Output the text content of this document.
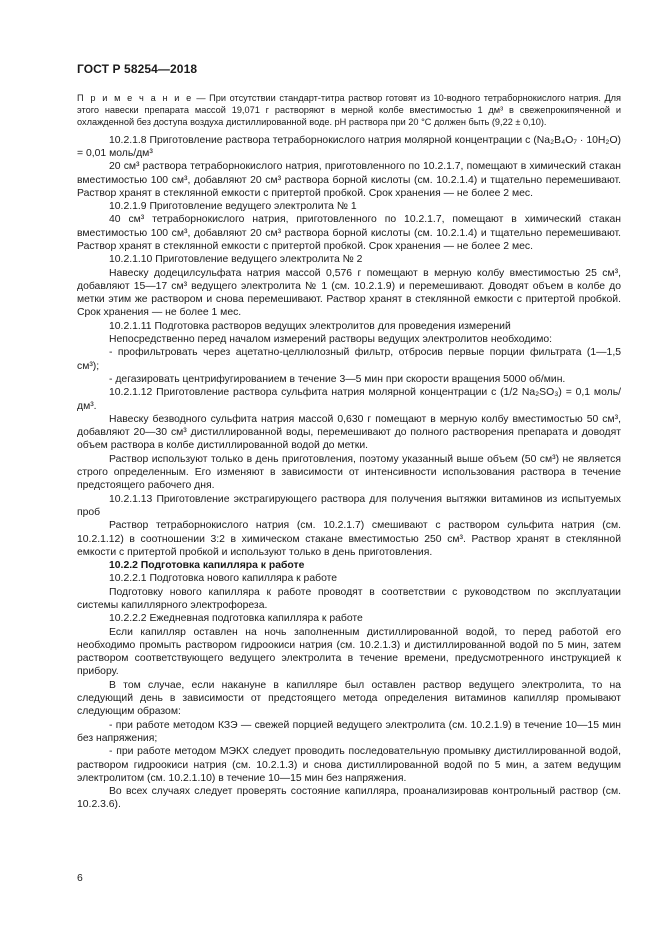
ГОСТ Р 58254—2018
П р и м е ч а н и е — При отсутствии стандарт-титра раствор готовят из 10-водного тетраборнокислого натрия. Для этого навески препарата массой 19,071 г растворяют в мерной колбе вместимостью 1 дм³ в свежепрокипяченной и охлажденной без доступа воздуха дистиллированной воде. pH раствора при 20 °C должен быть (9,22 ± 0,10).

10.2.1.8 Приготовление раствора тетраборнокислого натрия молярной концентрации c (Na₂B₄O₇ · 10H₂O) = 0,01 моль/дм³

20 см³ раствора тетраборнокислого натрия, приготовленного по 10.2.1.7, помещают в химический стакан вместимостью 100 см³, добавляют 20 см³ раствора борной кислоты (см. 10.2.1.4) и тщательно перемешивают. Раствор хранят в стеклянной емкости с притертой пробкой. Срок хранения — не более 2 мес.

10.2.1.9 Приготовление ведущего электролита № 1

40 см³ тетраборнокислого натрия, приготовленного по 10.2.1.7, помещают в химический стакан вместимостью 100 см³, добавляют 20 см³ раствора борной кислоты (см. 10.2.1.4) и тщательно перемешивают. Раствор хранят в стеклянной емкости с притертой пробкой. Срок хранения — не более 2 мес.

10.2.1.10 Приготовление ведущего электролита № 2

Навеску додецилсульфата натрия массой 0,576 г помещают в мерную колбу вместимостью 25 см³, добавляют 15—17 см³ ведущего электролита № 1 (см. 10.2.1.9) и перемешивают. Доводят объем в колбе до метки этим же раствором и снова перемешивают. Раствор хранят в стеклянной емкости с притертой пробкой. Срок хранения — не более 1 мес.

10.2.1.11 Подготовка растворов ведущих электролитов для проведения измерений

Непосредственно перед началом измерений растворы ведущих электролитов необходимо:

- профильтровать через ацетатно-целлюлозный фильтр, отбросив первые порции фильтрата (1—1,5 см³);

- дегазировать центрифугированием в течение 3—5 мин при скорости вращения 5000 об/мин.

10.2.1.12 Приготовление раствора сульфита натрия молярной концентрации c (1/2 Na₂SO₃) = 0,1 моль/дм³.

Навеску безводного сульфита натрия массой 0,630 г помещают в мерную колбу вместимостью 50 см³, добавляют 20—30 см³ дистиллированной воды, перемешивают до полного растворения препарата и доводят объем раствора в колбе дистиллированной водой до метки.

Раствор используют только в день приготовления, поэтому указанный выше объем (50 см³) не является строго определенным. Его изменяют в зависимости от интенсивности использования раствора в течение предстоящего рабочего дня.

10.2.1.13 Приготовление экстрагирующего раствора для получения вытяжки витаминов из испытуемых проб

Раствор тетраборнокислого натрия (см. 10.2.1.7) смешивают с раствором сульфита натрия (см. 10.2.1.12) в соотношении 3:2 в химическом стакане вместимостью 250 см³. Раствор хранят в стеклянной емкости с притертой пробкой и используют только в день приготовления.

10.2.2 Подготовка капилляра к работе

10.2.2.1 Подготовка нового капилляра к работе

Подготовку нового капилляра к работе проводят в соответствии с руководством по эксплуатации системы капиллярного электрофореза.

10.2.2.2 Ежедневная подготовка капилляра к работе

Если капилляр оставлен на ночь заполненным дистиллированной водой, то перед работой его необходимо промыть раствором гидроокиси натрия (см. 10.2.1.3) и дистиллированной водой по 5 мин, затем раствором соответствующего ведущего электролита в течение времени, предусмотренного инструкцией к прибору.

В том случае, если накануне в капилляре был оставлен раствор ведущего электролита, то на следующий день в зависимости от предстоящего метода определения витаминов капилляр промывают следующим образом:

- при работе методом КЗЭ — свежей порцией ведущего электролита (см. 10.2.1.9) в течение 10—15 мин без напряжения;

- при работе методом МЭКХ следует проводить последовательную промывку дистиллированной водой, раствором гидроокиси натрия (см. 10.2.1.3) и снова дистиллированной водой по 5 мин, а затем ведущим электролитом (см. 10.2.1.10) в течение 10—15 мин без напряжения.

Во всех случаях следует проверять состояние капилляра, проанализировав контрольный раствор (см. 10.2.3.6).

6
